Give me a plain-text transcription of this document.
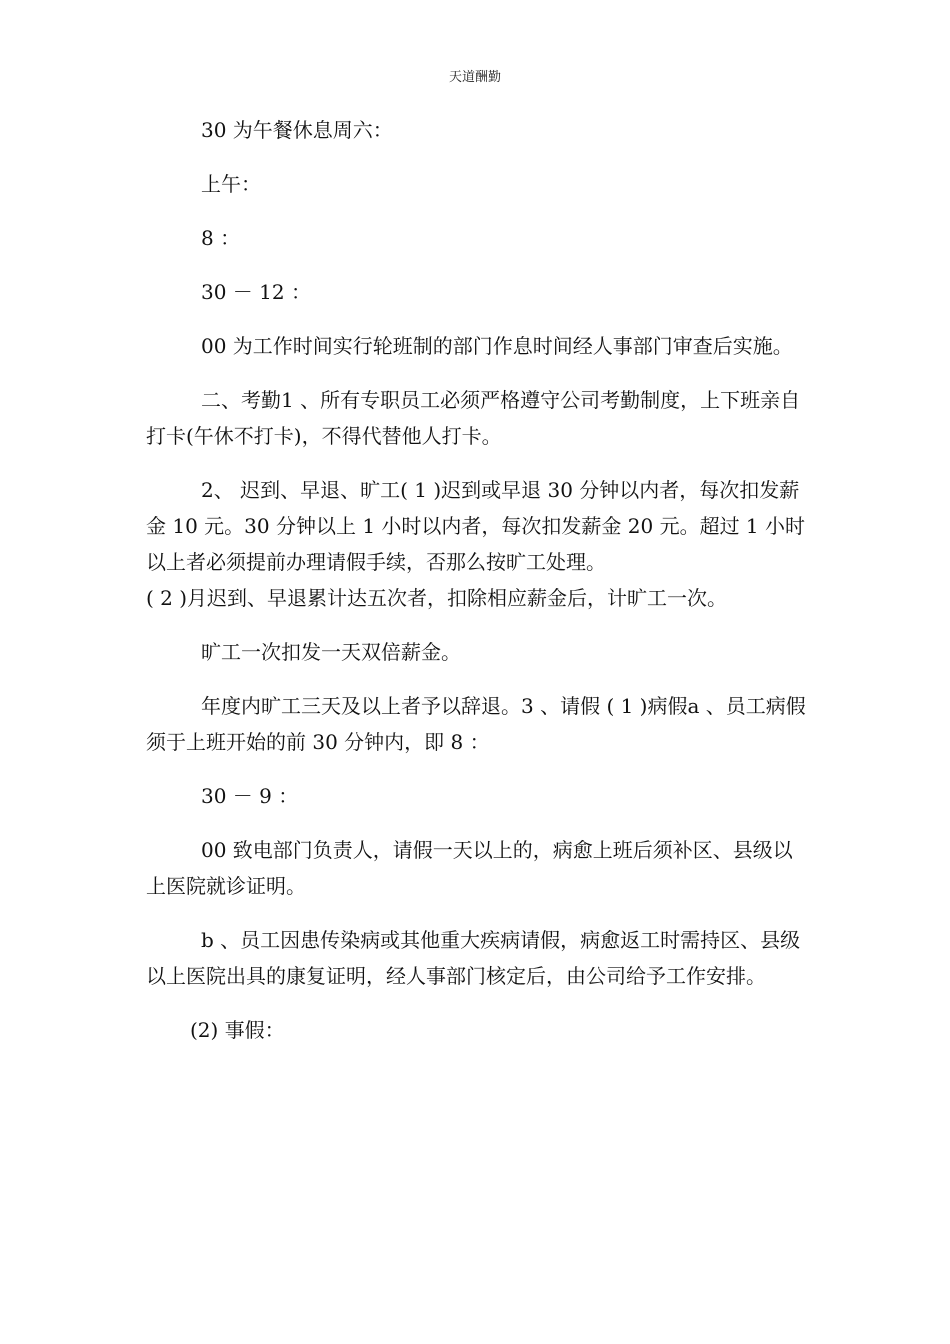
天道酬勤

30 为午餐休息周六：

上午：

8 ：

30 － 12 ：

00 为工作时间实行轮班制的部门作息时间经人事部门审查后实施。

二、考勤1 、所有专职员工必须严格遵守公司考勤制度，上下班亲自打卡(午休不打卡)，不得代替他人打卡。

2、 迟到、早退、旷工( 1 )迟到或早退 30 分钟以内者，每次扣发薪金 10 元。30 分钟以上 1 小时以内者，每次扣发薪金 20 元。超过 1 小时以上者必须提前办理请假手续，否那么按旷工处理。

( 2 )月迟到、早退累计达五次者，扣除相应薪金后，计旷工一次。

旷工一次扣发一天双倍薪金。

年度内旷工三天及以上者予以辞退。3 、请假 ( 1 )病假a 、员工病假须于上班开始的前 30 分钟内，即 8 ：

30 － 9 ：

00 致电部门负责人，请假一天以上的，病愈上班后须补区、县级以上医院就诊证明。

b 、员工因患传染病或其他重大疾病请假，病愈返工时需持区、县级以上医院出具的康复证明，经人事部门核定后，由公司给予工作安排。

(2) 事假：
